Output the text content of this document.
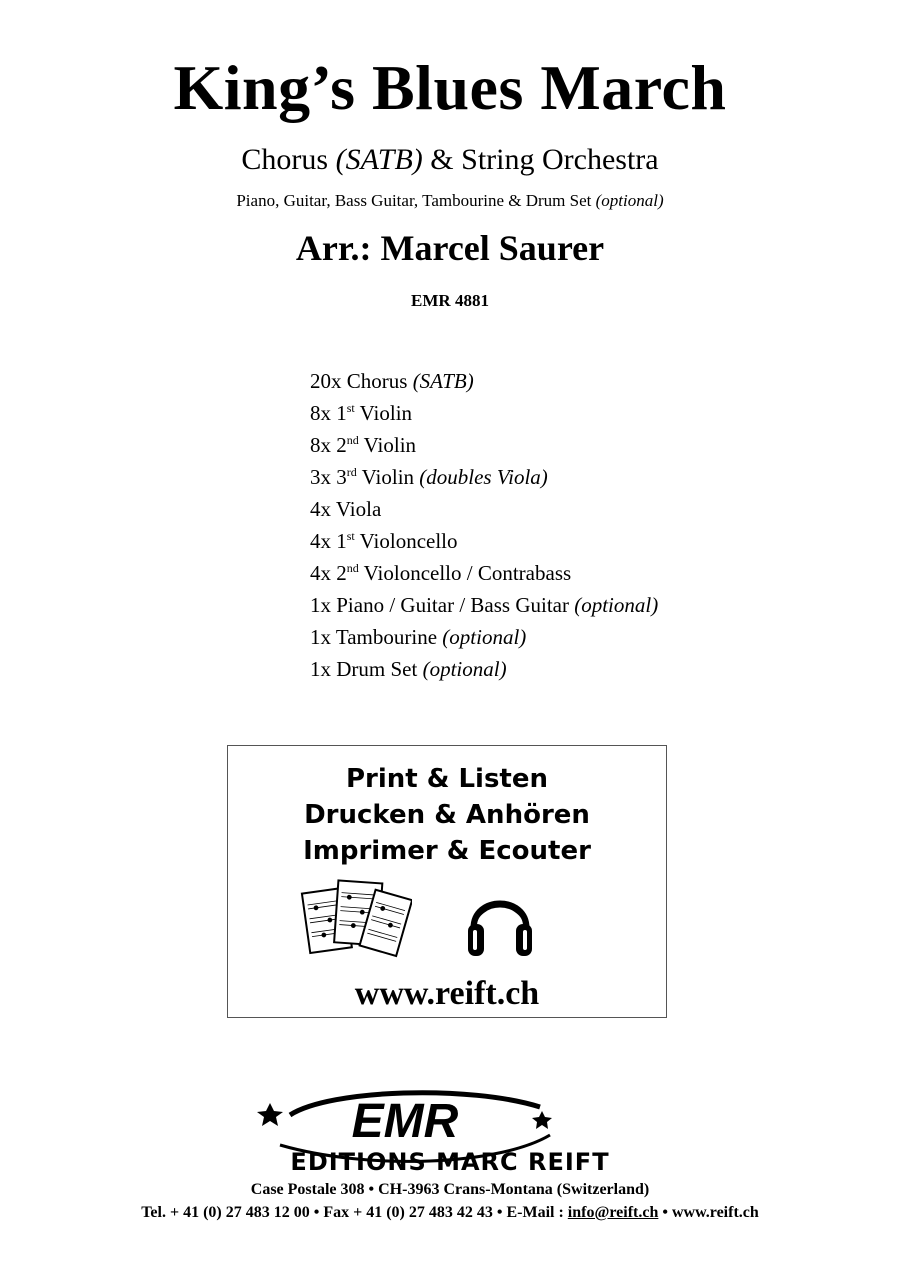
King’s Blues March
Chorus (SATB) & String Orchestra
Piano, Guitar, Bass Guitar, Tambourine & Drum Set (optional)
Arr.: Marcel Saurer
EMR 4881
20x Chorus (SATB)
8x 1st Violin
8x 2nd Violin
3x 3rd Violin (doubles Viola)
4x Viola
4x 1st Violoncello
4x 2nd Violoncello / Contrabass
1x Piano / Guitar / Bass Guitar (optional)
1x Tambourine (optional)
1x Drum Set (optional)
Print & Listen
Drucken & Anhören
Imprimer & Ecouter
www.reift.ch
EMR
EDITIONS MARC REIFT
Case Postale 308 • CH-3963 Crans-Montana (Switzerland)
Tel. + 41 (0) 27 483 12 00 • Fax + 41 (0) 27 483 42 43 • E-Mail : info@reift.ch • www.reift.ch
